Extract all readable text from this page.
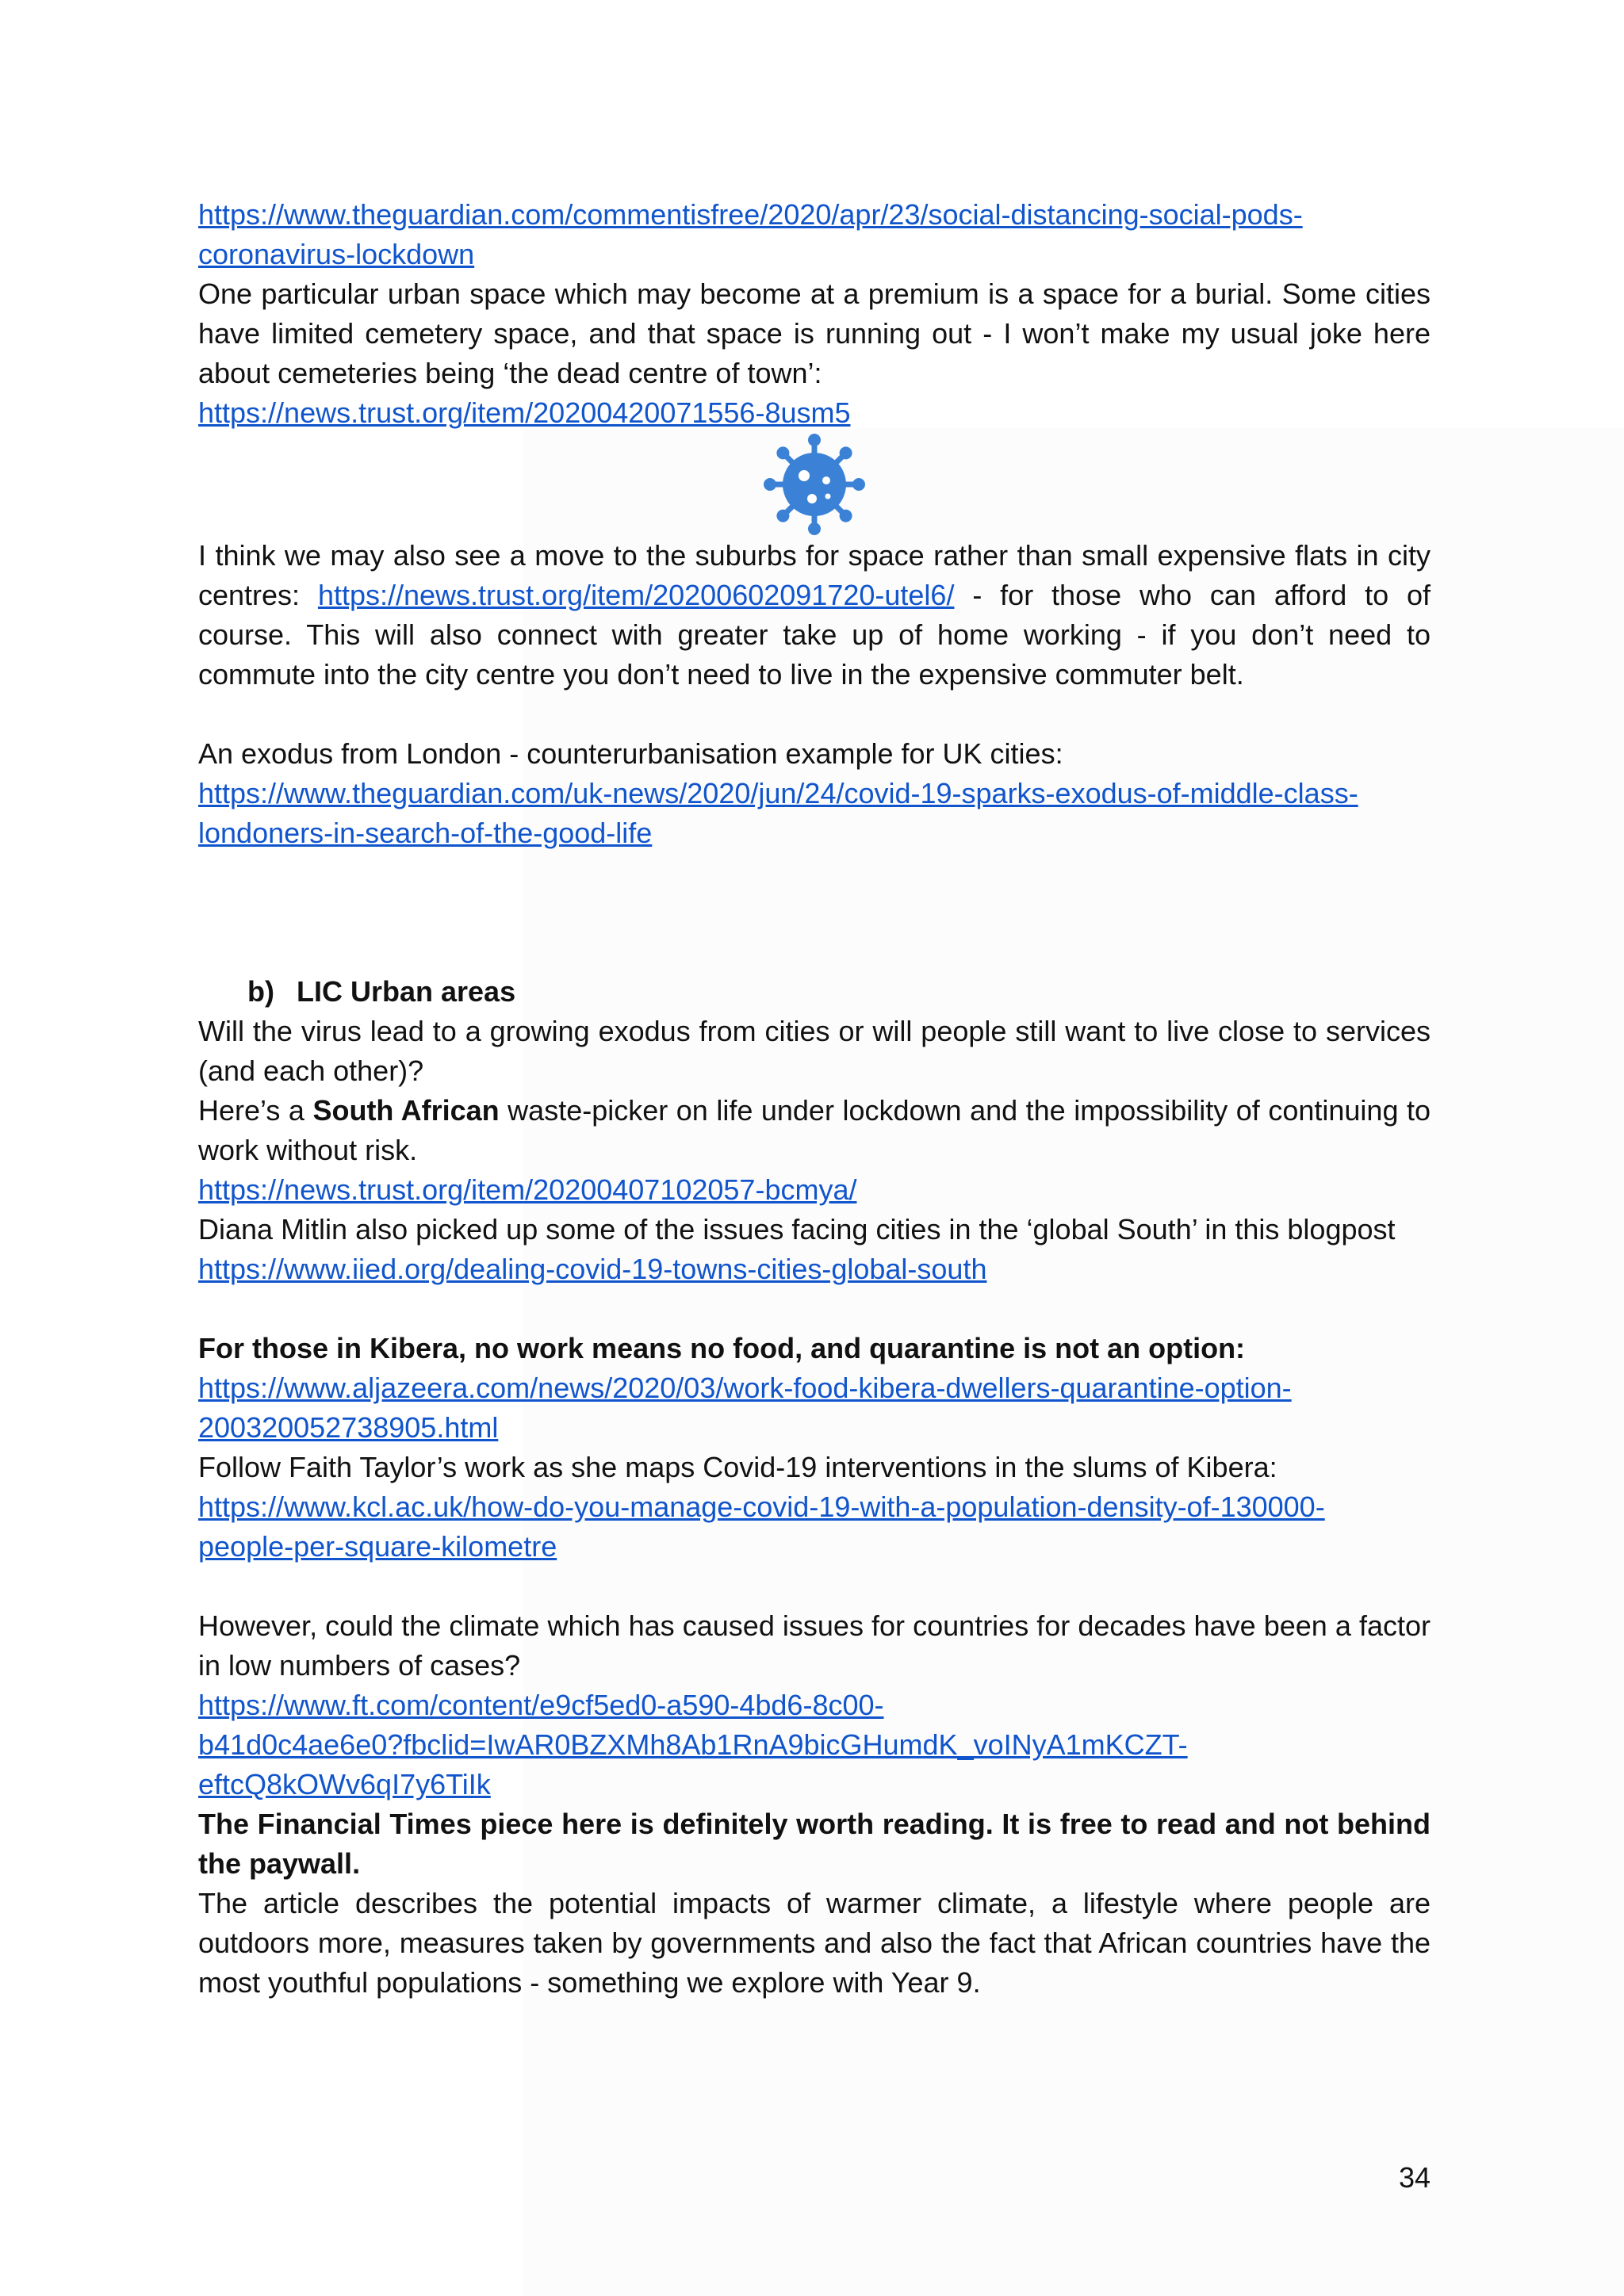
https://www.theguardian.com/commentisfree/2020/apr/23/social-distancing-social-pods-
coronavirus-lockdown

One particular urban space which may become at a premium is a space for a burial. Some cities have limited cemetery space, and that space is running out - I won’t make my usual joke here about cemeteries being ‘the dead centre of town’:

https://news.trust.org/item/20200420071556-8usm5

I think we may also see a move to the suburbs for space rather than small expensive flats in city centres: https://news.trust.org/item/20200602091720-utel6/ - for those who can afford to of course. This will also connect with greater take up of home working - if you don’t need to commute into the city centre you don’t need to live in the expensive commuter belt.

An exodus from London - counterurbanisation example for UK cities:

https://www.theguardian.com/uk-news/2020/jun/24/covid-19-sparks-exodus-of-middle-class-
londoners-in-search-of-the-good-life

b) LIC Urban areas

Will the virus lead to a growing exodus from cities or will people still want to live close to services (and each other)?

Here’s a South African waste-picker on life under lockdown and the impossibility of continuing to work without risk.

https://news.trust.org/item/20200407102057-bcmya/

Diana Mitlin also picked up some of the issues facing cities in the ‘global South’ in this blogpost

https://www.iied.org/dealing-covid-19-towns-cities-global-south

For those in Kibera, no work means no food, and quarantine is not an option:

https://www.aljazeera.com/news/2020/03/work-food-kibera-dwellers-quarantine-option-
200320052738905.html

Follow Faith Taylor’s work as she maps Covid-19 interventions in the slums of Kibera:

https://www.kcl.ac.uk/how-do-you-manage-covid-19-with-a-population-density-of-130000-
people-per-square-kilometre

However, could the climate which has caused issues for countries for decades have been a factor in low numbers of cases?

https://www.ft.com/content/e9cf5ed0-a590-4bd6-8c00-
b41d0c4ae6e0?fbclid=IwAR0BZXMh8Ab1RnA9bicGHumdK_voINyA1mKCZT-
eftcQ8kOWv6qI7y6TiIk

The Financial Times piece here is definitely worth reading. It is free to read and not behind the paywall.

The article describes the potential impacts of warmer climate, a lifestyle where people are outdoors more, measures taken by governments and also the fact that African countries have the most youthful populations - something we explore with Year 9.

34
